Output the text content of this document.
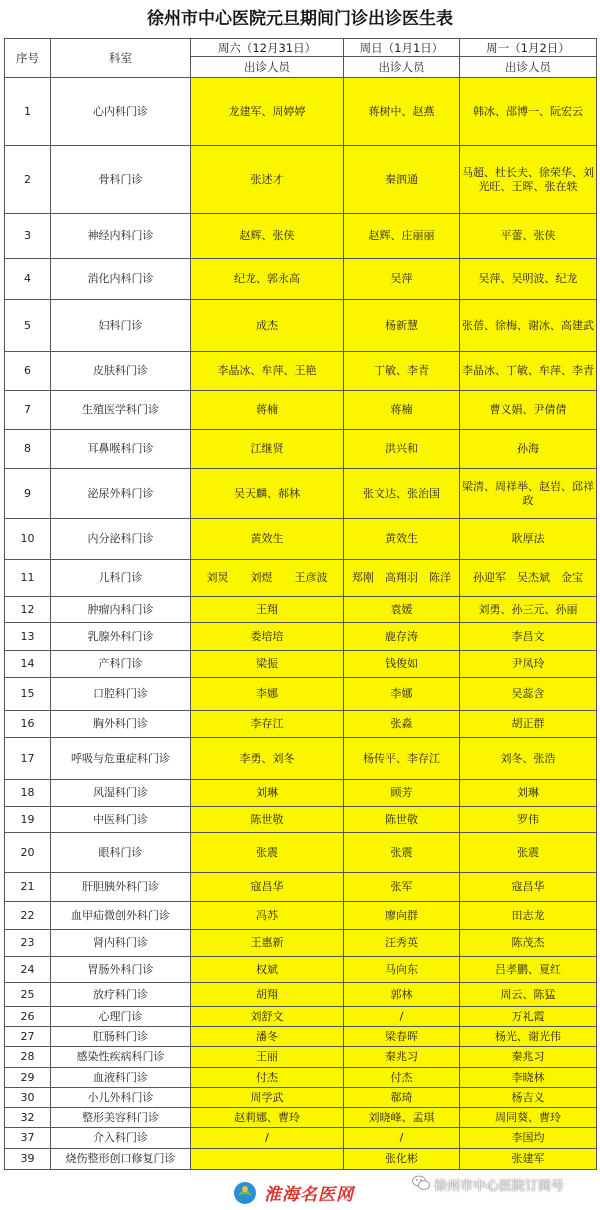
徐州市中心医院元旦期间门诊出诊医生表
序号	科室	周六（12月31日）	周日（1月1日）	周一（1月2日）
		出诊人员	出诊人员	出诊人员
1	心内科门诊	龙建军、周婷婷	蒋树中、赵燕	韩冰、邵博一、阮宏云
2	骨科门诊	张述才	秦泗通	马超、杜长夫、徐荣华、刘光旺、王晖、张在轶
3	神经内科门诊	赵辉、张侠	赵辉、庄丽丽	平蕾、张侠
4	消化内科门诊	纪龙、郭永高	吴萍	吴萍、吴明波、纪龙
5	妇科门诊	成杰	杨新慧	张蓓、徐梅、谢冰、高建武
6	皮肤科门诊	李晶冰、牟萍、王艳	丁敏、李青	李晶冰、丁敏、牟萍、李青
7	生殖医学科门诊	蒋楠	蒋楠	曹义娟、尹倩倩
8	耳鼻喉科门诊	江继贤	洪兴和	孙海
9	泌尿外科门诊	吴天麟、郝林	张文达、张治国	梁清、周祥举、赵岩、邱祥政
10	内分泌科门诊	黄效生	黄效生	耿厚法
11	儿科门诊	刘炅　　刘煜　　王彦波	郑刚　高翔羽　陈洋	孙迎军　吴杰斌　金宝
12	肿瘤内科门诊	王翔	袁媛	刘勇、孙三元、孙丽
13	乳腺外科门诊	娄培培	鹿存涛	李昌文
14	产科门诊	梁振	钱俊如	尹凤玲
15	口腔科门诊	李娜	李娜	吴蕊含
16	胸外科门诊	李存江	张淼	胡正群
17	呼吸与危重症科门诊	李勇、刘冬	杨传平、李存江	刘冬、张浩
18	风湿科门诊	刘琳	顾芳	刘琳
19	中医科门诊	陈世敬	陈世敬	罗伟
20	眼科门诊	张震	张震	张震
21	肝胆胰外科门诊	寇昌华	张军	寇昌华
22	血甲疝微创外科门诊	冯苏	廖向群	田志龙
23	肾内科门诊	王惠新	汪秀英	陈茂杰
24	胃肠外科门诊	权斌	马向东	吕孝鹏、夏红
25	放疗科门诊	胡翔	郭林	周云、陈猛
26	心理门诊	刘舒文	/	万礼霞
27	肛肠科门诊	潘冬	梁春晖	杨光、谢光伟
28	感染性疾病科门诊	王丽	秦兆习	秦兆习
29	血液科门诊	付杰	付杰	李晓林
30	小儿外科门诊	周学武	郗琦	杨吉义
32	整形美容科门诊	赵莉娜、曹玲	刘晓峰、孟琪	周同葵、曹玲
37	介入科门诊	/	/	李国均
39	烧伤整形创口修复门诊		张化彬	张建军
淮海名医网	徐州市中心医院订阅号
